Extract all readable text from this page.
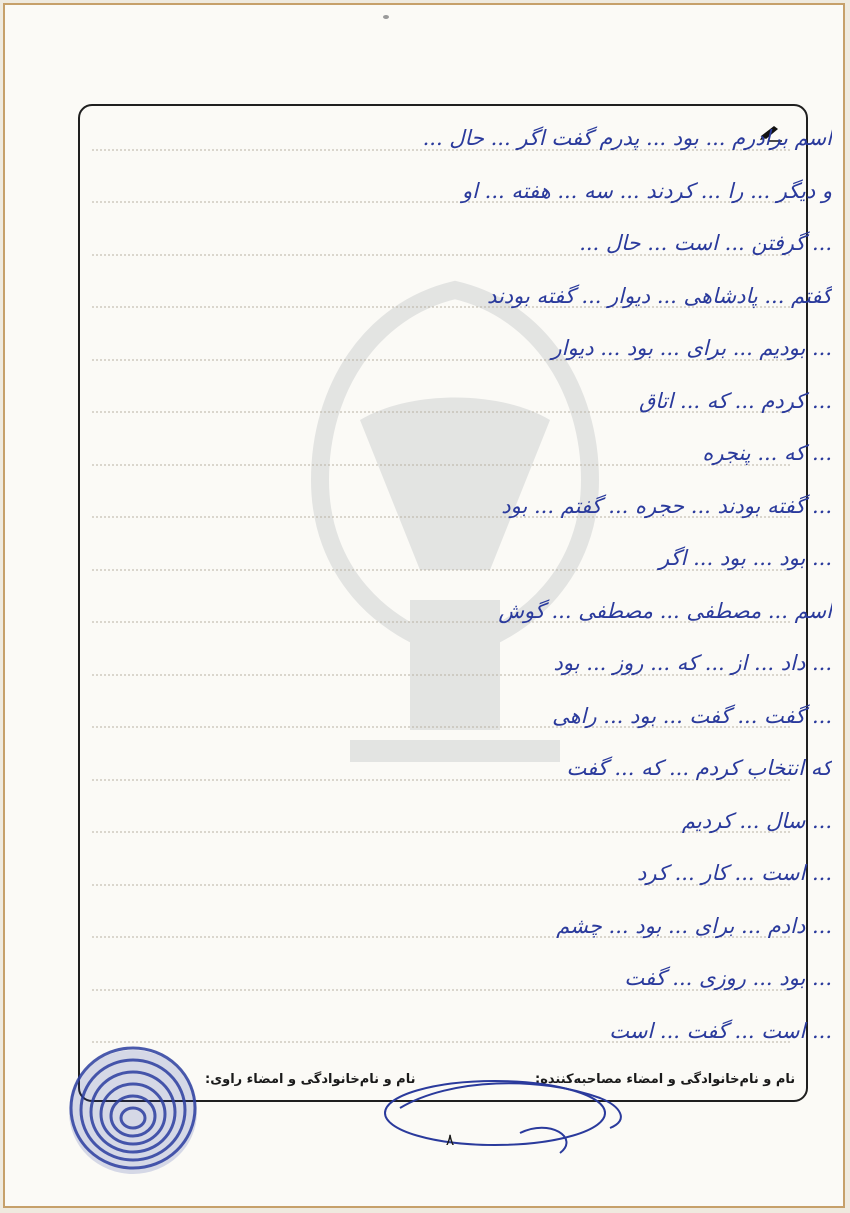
اسم برادرم ... بود ... پدرم گفت اگر ... حال ...
و دیگر ... را ... کردند ... سه ... هفته ... او
... گرفتن ... است ... حال ...
گفتم ... پادشاهی ... دیوار ... گفته بودند
... بودیم ... برای ... بود ... دیوار
... کردم ... که ... اتاق
... که ... پنجره
... گفته بودند ... حجره ... گفتم ... بود
... بود ... بود ... اگر
اسم ... مصطفی ... مصطفی ... گوش
... داد ... از ... که ... روز ... بود
... گفت ... گفت ... بود ... راهی
که انتخاب کردم ... که ... گفت
... سال ... کردیم
... است ... کار ... کرد
... دادم ... برای ... بود ... چشم
... بود ... روزی ... گفت
... است ... گفت ... است
نام و نام‌خانوادگی و امضاء مصاحبه‌کننده:
نام و نام‌خانوادگی و امضاء راوی:
۸
